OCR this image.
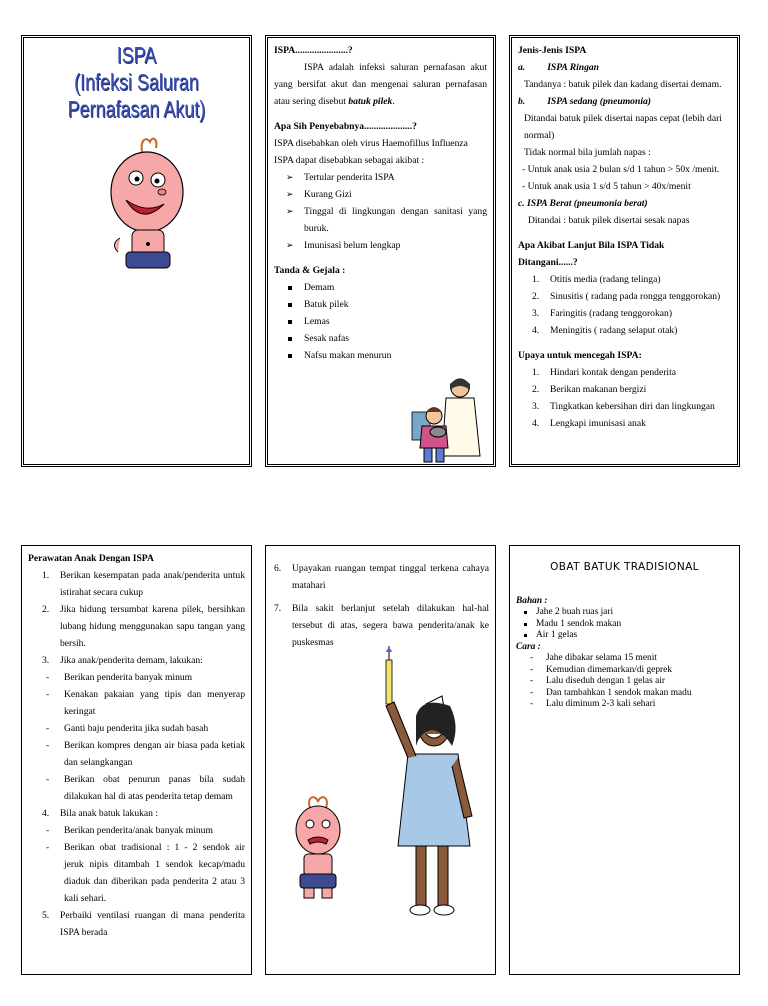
ISPA
(Infeksi Saluran Pernafasan Akut)
ISPA......................?
ISPA adalah infeksi saluran pernafasan akut yang bersifat akut dan mengenai saluran pernafasan atau sering disebut batuk pilek.
Apa Sih Penyebabnya....................?
ISPA disebabkan oleh virus Haemofillus Influenza
ISPA dapat disebabkan sebagai akibat :
➢ Tertular penderita ISPA
➢ Kurang Gizi
➢ Tinggal di lingkungan dengan sanitasi yang buruk.
➢ Imunisasi belum lengkap
Tanda & Gejala :
Demam
Batuk pilek
Lemas
Sesak nafas
Nafsu makan menurun
Jenis-Jenis ISPA
a. ISPA Ringan
Tandanya : batuk pilek dan kadang disertai demam.
b. ISPA sedang (pneumonia)
Ditandai batuk pilek disertai napas cepat (lebih dari normal)
Tidak normal bila jumlah napas :
- Untuk anak usia 2 bulan s/d 1 tahun > 50x /menit.
- Untuk anak usia 1 s/d 5 tahun > 40x/menit
c. ISPA Berat (pneumonia berat)
Ditandai : batuk pilek disertai sesak napas
Apa Akibat Lanjut Bila ISPA Tidak
Ditangani......?
1. Otitis media (radang telinga)
2. Sinusitis ( radang pada rongga tenggorokan)
3. Faringitis (radang tenggorokan)
4. Meningitis ( radang selaput otak)
Upaya untuk mencegah ISPA:
1. Hindari kontak dengan penderita
2. Berikan makanan bergizi
3. Tingkatkan kebersihan diri dan lingkungan
4. Lengkapi imunisasi anak
Perawatan Anak Dengan ISPA
1. Berikan kesempatan pada anak/penderita untuk istirahat secara cukup
2. Jika hidung tersumbat karena pilek, bersihkan lubang hidung menggunakan sapu tangan yang bersih.
3. Jika anak/penderita demam, lakukan:
- Berikan penderita banyak minum
- Kenakan pakaian yang tipis dan menyerap keringat
- Ganti baju penderita jika sudah basah
- Berikan kompres dengan air biasa pada ketiak dan selangkangan
- Berikan obat penurun panas bila sudah dilakukan hal di atas penderita tetap demam
4. Bila anak batuk lakukan :
- Berikan penderita/anak banyak minum
- Berikan obat tradisional : 1 - 2 sendok air jeruk nipis ditambah 1 sendok kecap/madu diaduk dan diberikan pada penderita 2 atau 3 kali sehari.
5. Perbaiki ventilasi ruangan di mana penderita ISPA berada
6. Upayakan ruangan tempat tinggal terkena cahaya matahari
7. Bila sakit berlanjut setelah dilakukan hal-hal tersebut di atas, segera bawa penderita/anak ke puskesmas
OBAT BATUK TRADISIONAL
Bahan :
Jahe 2 buah ruas jari
Madu 1 sendok makan
Air 1 gelas
Cara :
- Jahe dibakar selama 15 menit
- Kemudian dimemarkan/di geprek
- Lalu diseduh dengan 1 gelas air
- Dan tambahkan 1 sendok makan madu
- Lalu diminum 2-3 kali sehari
